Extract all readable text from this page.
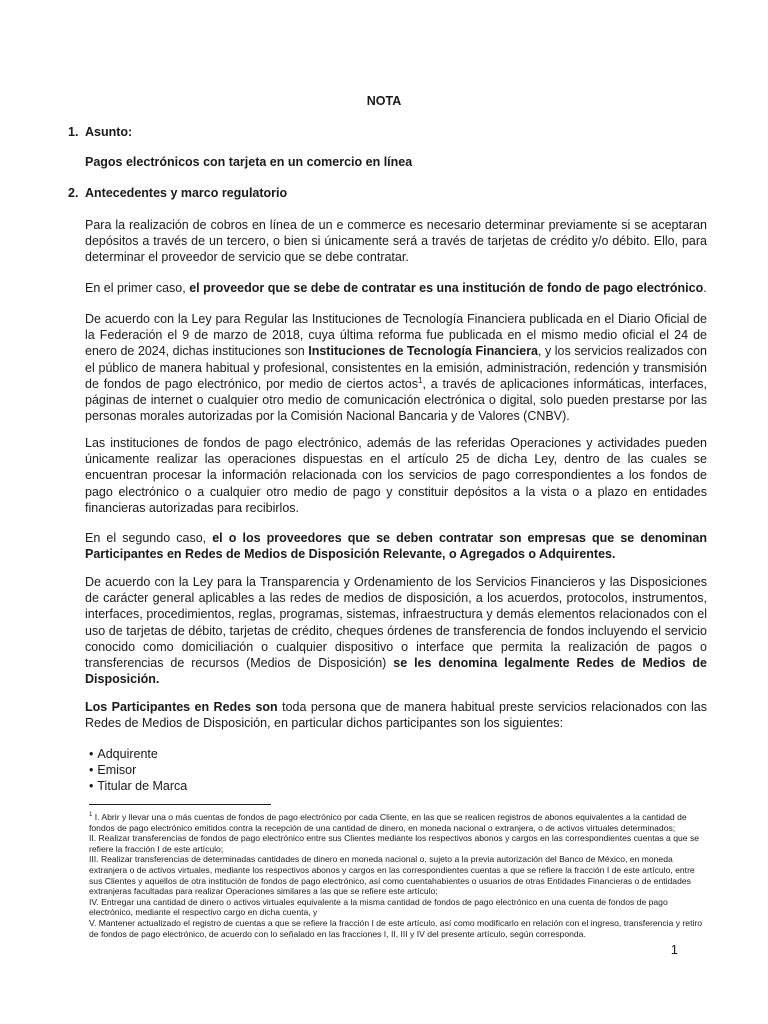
NOTA
1. Asunto:
Pagos electrónicos con tarjeta en un comercio en línea
2. Antecedentes y marco regulatorio

Para la realización de cobros en línea de un e commerce es necesario determinar previamente si se aceptaran depósitos a través de un tercero, o bien si únicamente será a través de tarjetas de crédito y/o débito. Ello, para determinar el proveedor de servicio que se debe contratar.

En el primer caso, el proveedor que se debe de contratar es una institución de fondo de pago electrónico.

De acuerdo con la Ley para Regular las Instituciones de Tecnología Financiera publicada en el Diario Oficial de la Federación el 9 de marzo de 2018, cuya última reforma fue publicada en el mismo medio oficial el 24 de enero de 2024, dichas instituciones son Instituciones de Tecnología Financiera, y los servicios realizados con el público de manera habitual y profesional, consistentes en la emisión, administración, redención y transmisión de fondos de pago electrónico, por medio de ciertos actos$^1$, a través de aplicaciones informáticas, interfaces, páginas de internet o cualquier otro medio de comunicación electrónica o digital, solo pueden prestarse por las personas morales autorizadas por la Comisión Nacional Bancaria y de Valores (CNBV).

Las instituciones de fondos de pago electrónico, además de las referidas Operaciones y actividades pueden únicamente realizar las operaciones dispuestas en el artículo 25 de dicha Ley, dentro de las cuales se encuentran procesar la información relacionada con los servicios de pago correspondientes a los fondos de pago electrónico o a cualquier otro medio de pago y constituir depósitos a la vista o a plazo en entidades financieras autorizadas para recibirlos.

En el segundo caso, el o los proveedores que se deben contratar son empresas que se denominan Participantes en Redes de Medios de Disposición Relevante, o Agregados o Adquirentes.

De acuerdo con la Ley para la Transparencia y Ordenamiento de los Servicios Financieros y las Disposiciones de carácter general aplicables a las redes de medios de disposición, a los acuerdos, protocolos, instrumentos, interfaces, procedimientos, reglas, programas, sistemas, infraestructura y demás elementos relacionados con el uso de tarjetas de débito, tarjetas de crédito, cheques órdenes de transferencia de fondos incluyendo el servicio conocido como domiciliación o cualquier dispositivo o interface que permita la realización de pagos o transferencias de recursos (Medios de Disposición) se les denomina legalmente Redes de Medios de Disposición.

Los Participantes en Redes son toda persona que de manera habitual preste servicios relacionados con las Redes de Medios de Disposición, en particular dichos participantes son los siguientes:

• Adquirente
• Emisor
• Titular de Marca
$^1$ I. Abrir y llevar una o más cuentas de fondos de pago electrónico por cada Cliente, en las que se realicen registros de abonos equivalentes a la cantidad de fondos de pago electrónico emitidos contra la recepción de una cantidad de dinero, en moneda nacional o extranjera, o de activos virtuales determinados;
II. Realizar transferencias de fondos de pago electrónico entre sus Clientes mediante los respectivos abonos y cargos en las correspondientes cuentas a que se refiere la fracción I de este artículo;
III. Realizar transferencias de determinadas cantidades de dinero en moneda nacional o, sujeto a la previa autorización del Banco de México, en moneda extranjera o de activos virtuales, mediante los respectivos abonos y cargos en las correspondientes cuentas a que se refiere la fracción I de este artículo, entre sus Clientes y aquellos de otra institución de fondos de pago electrónico, así como cuentahabientes o usuarios de otras Entidades Financieras o de entidades extranjeras facultadas para realizar Operaciones similares a las que se refiere este artículo;
IV. Entregar una cantidad de dinero o activos virtuales equivalente a la misma cantidad de fondos de pago electrónico en una cuenta de fondos de pago electrónico, mediante el respectivo cargo en dicha cuenta, y
V. Mantener actualizado el registro de cuentas a que se refiere la fracción I de este artículo, así como modificarlo en relación con el ingreso, transferencia y retiro de fondos de pago electrónico, de acuerdo con lo señalado en las fracciones I, II, III y IV del presente artículo, según corresponda.
1
